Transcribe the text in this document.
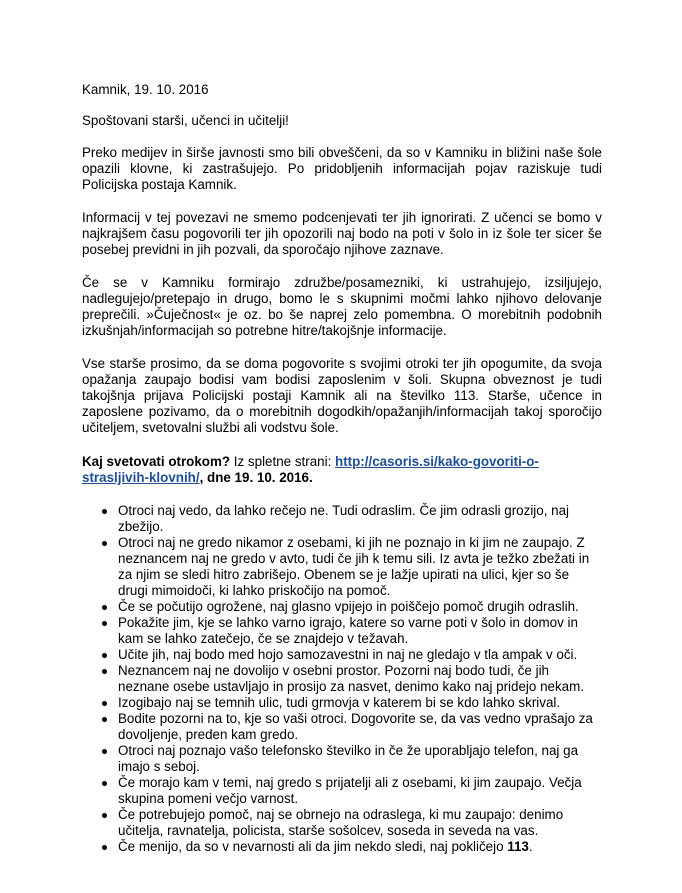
Kamnik, 19. 10. 2016

Spoštovani starši, učenci in učitelji!

Preko medijev in širše javnosti smo bili obveščeni, da so v Kamniku in bližini naše šole opazili klovne, ki zastrašujejo. Po pridobljenih informacijah pojav raziskuje tudi Policijska postaja Kamnik.

Informacij v tej povezavi ne smemo podcenjevati ter jih ignorirati. Z učenci se bomo v najkrajšem času pogovorili ter jih opozorili naj bodo na poti v šolo in iz šole ter sicer še posebej previdni in jih pozvali, da sporočajo njihove zaznave.

Če se v Kamniku formirajo združbe/posamezniki, ki ustrahujejo, izsiljujejo, nadlegujejo/pretepajo in drugo, bomo le s skupnimi močmi lahko njihovo delovanje preprečili. »Čuječnost« je oz. bo še naprej zelo pomembna. O morebitnih podobnih izkušnjah/informacijah so potrebne hitre/takojšnje informacije.

Vse starše prosimo, da se doma pogovorite s svojimi otroki ter jih opogumite, da svoja opažanja zaupajo bodisi vam bodisi zaposlenim v šoli. Skupna obveznost je tudi takojšnja prijava Policijski postaji Kamnik ali na številko 113. Starše, učence in zaposlene pozivamo, da o morebitnih dogodkih/opažanjih/informacijah takoj sporočijo učiteljem, svetovalni službi ali vodstvu šole.

Kaj svetovati otrokom? Iz spletne strani: http://casoris.si/kako-govoriti-o-strasljivih-klovnih/, dne 19. 10. 2016.

Otroci naj vedo, da lahko rečejo ne. Tudi odraslim. Če jim odrasli grozijo, naj zbežijo.
Otroci naj ne gredo nikamor z osebami, ki jih ne poznajo in ki jim ne zaupajo. Z neznancem naj ne gredo v avto, tudi če jih k temu sili. Iz avta je težko zbežati in za njim se sledi hitro zabrišejo. Obenem se je lažje upirati na ulici, kjer so še drugi mimoidoči, ki lahko priskočijo na pomoč.
Če se počutijo ogrožene, naj glasno vpijejo in poiščejo pomoč drugih odraslih.
Pokažite jim, kje se lahko varno igrajo, katere so varne poti v šolo in domov in kam se lahko zatečejo, če se znajdejo v težavah.
Učite jih, naj bodo med hojo samozavestni in naj ne gledajo v tla ampak v oči.
Neznancem naj ne dovolijo v osebni prostor. Pozorni naj bodo tudi, če jih neznane osebe ustavljajo in prosijo za nasvet, denimo kako naj pridejo nekam.
Izogibajo naj se temnih ulic, tudi grmovja v katerem bi se kdo lahko skrival.
Bodite pozorni na to, kje so vaši otroci. Dogovorite se, da vas vedno vprašajo za dovoljenje, preden kam gredo.
Otroci naj poznajo vašo telefonsko številko in če že uporabljajo telefon, naj ga imajo s seboj.
Če morajo kam v temi, naj gredo s prijatelji ali z osebami, ki jim zaupajo. Večja skupina pomeni večjo varnost.
Če potrebujejo pomoč, naj se obrnejo na odraslega, ki mu zaupajo: denimo učitelja, ravnatelja, policista, starše sošolcev, soseda in seveda na vas.
Če menijo, da so v nevarnosti ali da jim nekdo sledi, naj pokličejo 113.
